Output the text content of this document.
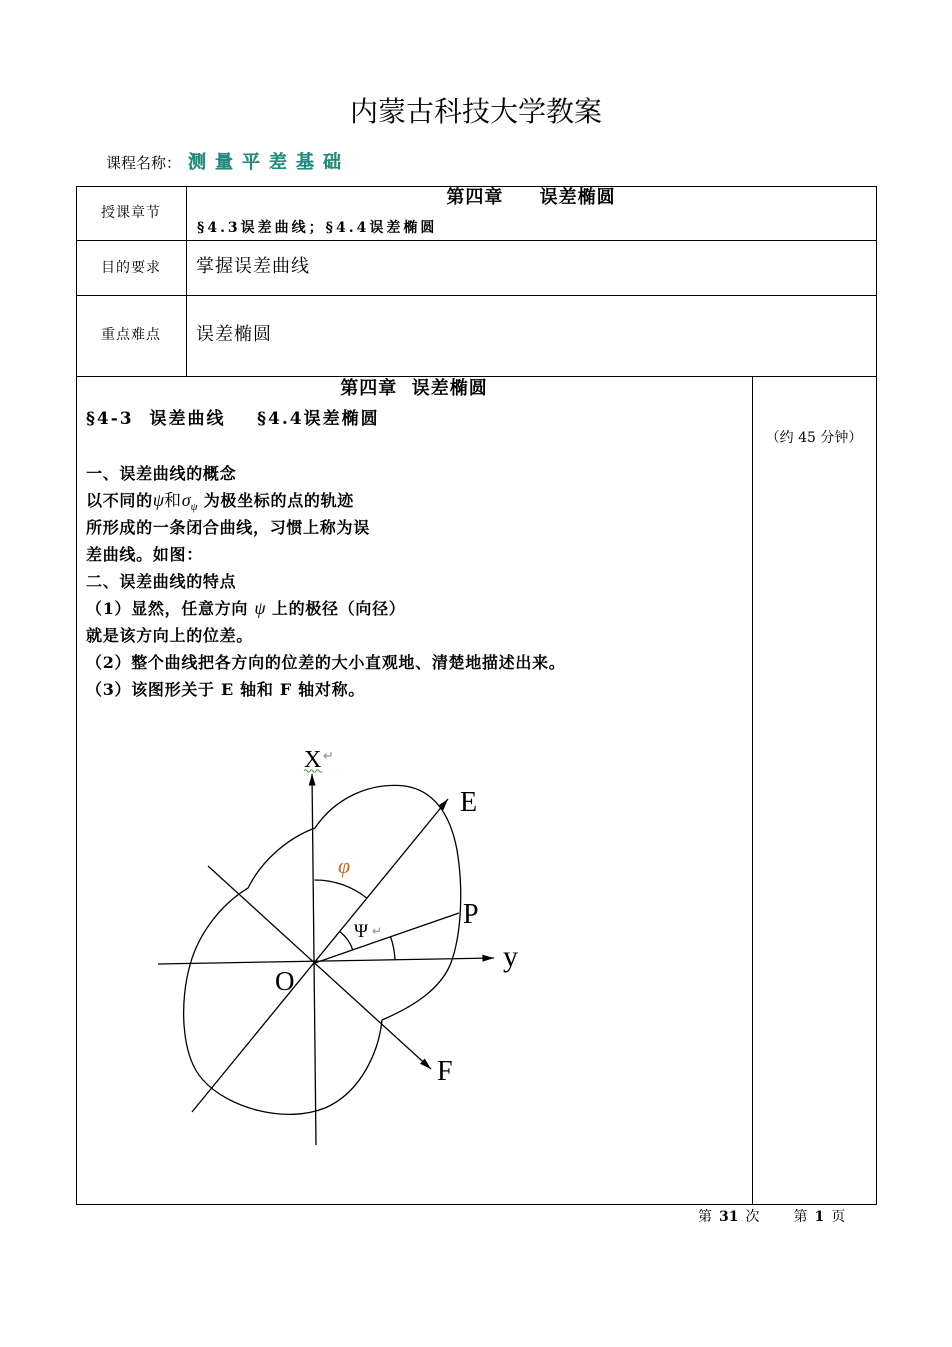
内蒙古科技大学教案
课程名称： 测量平差基础
授课章节
第四章     误差椭圆
§4.3误差曲线；§4.4误差椭圆
目的要求	掌握误差曲线
重点难点	误差椭圆
第四章  误差椭圆
§4-3  误差曲线    §4.4误差椭圆
（约 45 分钟）
一、误差曲线的概念
以不同的ψ和$\sigma_\psi$ 为极坐标的点的轨迹
所形成的一条闭合曲线，习惯上称为误
差曲线。如图：
二、误差曲线的特点
（1）显然，任意方向 ψ 上的极径（向径）
就是该方向上的位差。
（2）整个曲线把各方向的位差的大小直观地、清楚地描述出来。
（3）该图形关于 E 轴和 F 轴对称。
X ↵
E
φ
P
Ψ ↵
y
O
F
第 31 次 第 1 页
